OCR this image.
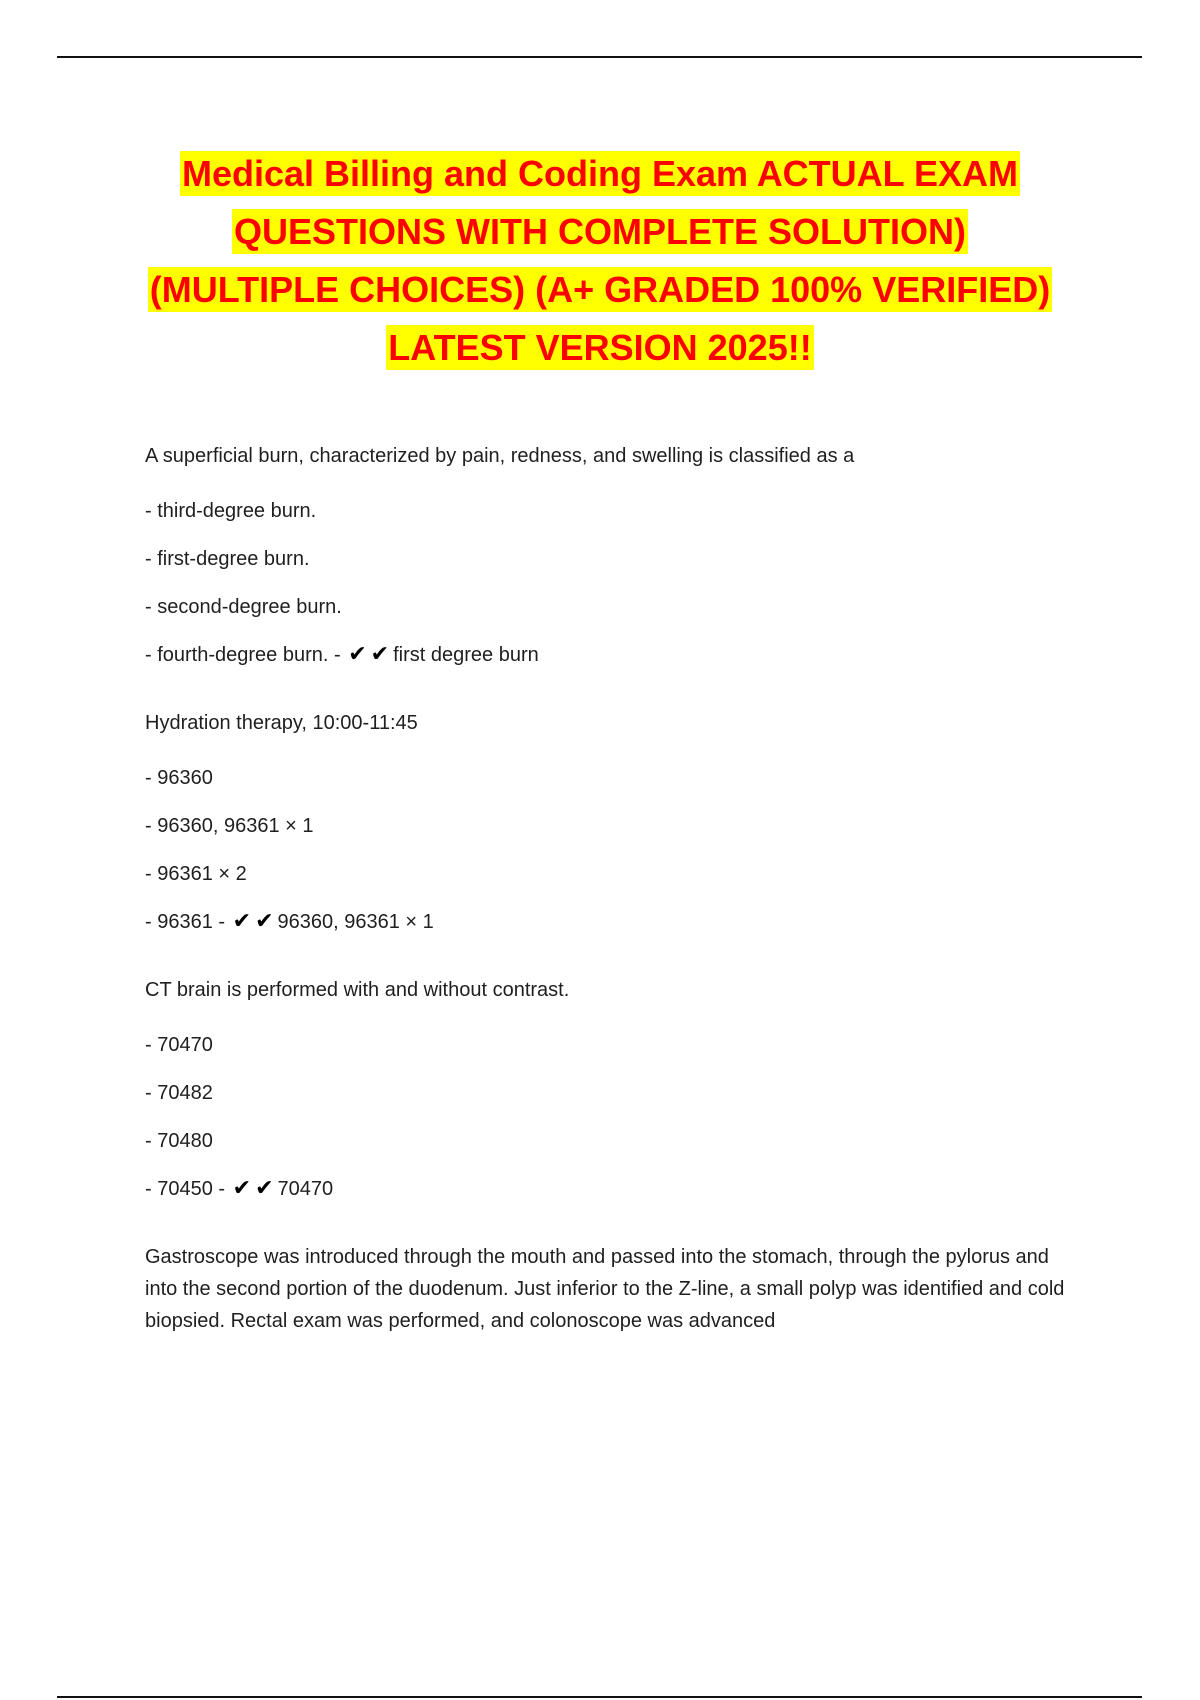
Medical Billing and Coding Exam ACTUAL EXAM
QUESTIONS WITH COMPLETE SOLUTION)
(MULTIPLE CHOICES) (A+ GRADED 100% VERIFIED)
LATEST VERSION 2025!!

A superficial burn, characterized by pain, redness, and swelling is classified as a

- third-degree burn.

- first-degree burn.

- second-degree burn.

- fourth-degree burn. - ✔ ✔ first degree burn

Hydration therapy, 10:00-11:45

- 96360

- 96360, 96361 × 1

- 96361 × 2

- 96361 - ✔ ✔ 96360, 96361 × 1

CT brain is performed with and without contrast.

- 70470

- 70482

- 70480

- 70450 - ✔ ✔ 70470

Gastroscope was introduced through the mouth and passed into the stomach, through the pylorus and into the second portion of the duodenum. Just inferior to the Z-line, a small polyp was identified and cold biopsied. Rectal exam was performed, and colonoscope was advanced
